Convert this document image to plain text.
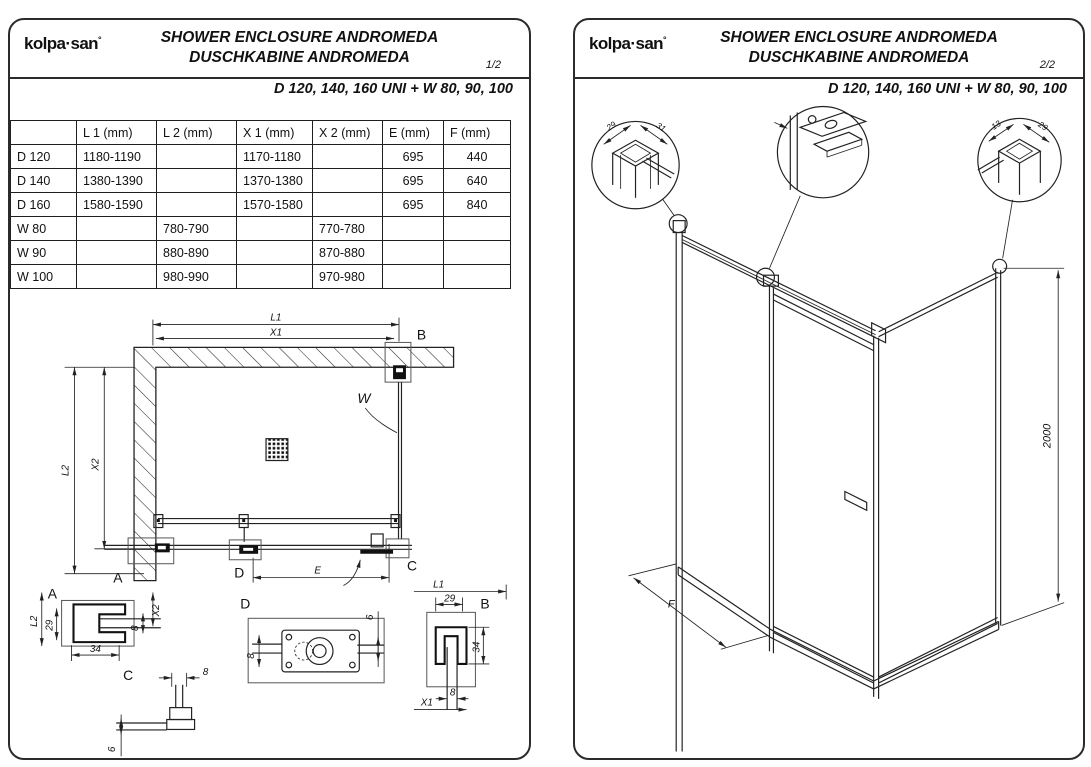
kolpa·san°	SHOWER ENCLOSURE ANDROMEDA
DUSCHKABINE ANDROMEDA	1/2
D 120, 140, 160 UNI + W 80, 90, 100
	L 1 (mm)	L 2 (mm)	X 1 (mm)	X 2 (mm)	E (mm)	F (mm)
D 120	1180-1190		1170-1180		695	440
D 140	1380-1390		1370-1380		695	640
D 160	1580-1590		1570-1580		695	840
W 80		780-790		770-780		
W 90		880-890		870-880		
W 100		980-990		970-980		
L1
X1
L2 X2
E
B
W
A	D	C
A
L2 29
34
X2
8
C	8
6
D
8
6
B
L1
29
34
8
X1
kolpa·san°	SHOWER ENCLOSURE ANDROMEDA
DUSCHKABINE ANDROMEDA	2/2
D 120, 140, 160 UNI + W 80, 90, 100
29	31	13	29
F
2000
